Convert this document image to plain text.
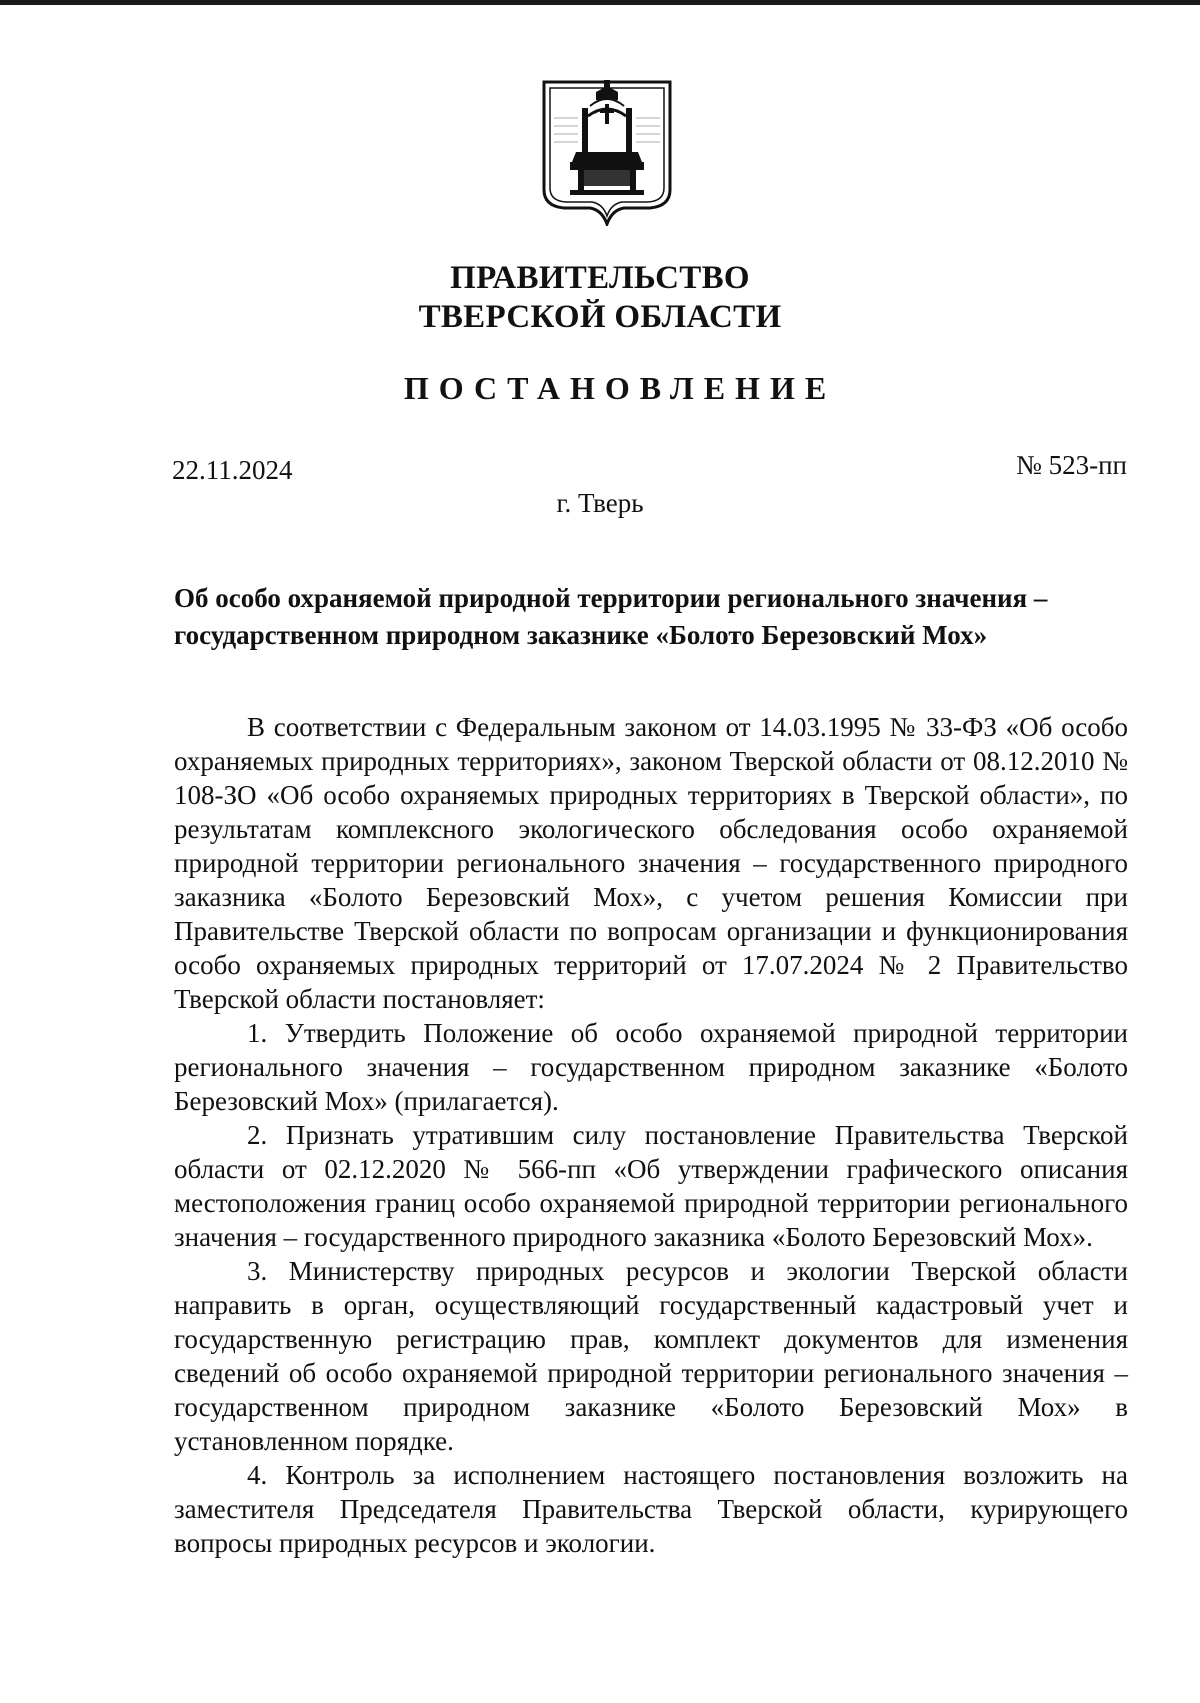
ПРАВИТЕЛЬСТВО
ТВЕРСКОЙ ОБЛАСТИ
ПОСТАНОВЛЕНИЕ
22.11.2024	№ 523-пп
г. Тверь
Об особо охраняемой природной территории регионального значения – государственном природном заказнике «Болото Березовский Мох»

В соответствии с Федеральным законом от 14.03.1995 № 33-ФЗ «Об особо охраняемых природных территориях», законом Тверской области от 08.12.2010 № 108-ЗО «Об особо охраняемых природных территориях в Тверской области», по результатам комплексного экологического обследования особо охраняемой природной территории регионального значения – государственного природного заказника «Болото Березовский Мох», с учетом решения Комиссии при Правительстве Тверской области по вопросам организации и функционирования особо охраняемых природных территорий от 17.07.2024 № 2 Правительство Тверской области постановляет:

1. Утвердить Положение об особо охраняемой природной территории регионального значения – государственном природном заказнике «Болото Березовский Мох» (прилагается).

2. Признать утратившим силу постановление Правительства Тверской области от 02.12.2020 № 566-пп «Об утверждении графического описания местоположения границ особо охраняемой природной территории регионального значения – государственного природного заказника «Болото Березовский Мох».

3. Министерству природных ресурсов и экологии Тверской области направить в орган, осуществляющий государственный кадастровый учет и государственную регистрацию прав, комплект документов для изменения сведений об особо охраняемой природной территории регионального значения – государственном природном заказнике «Болото Березовский Мох» в установленном порядке.

4. Контроль за исполнением настоящего постановления возложить на заместителя Председателя Правительства Тверской области, курирующего вопросы природных ресурсов и экологии.
